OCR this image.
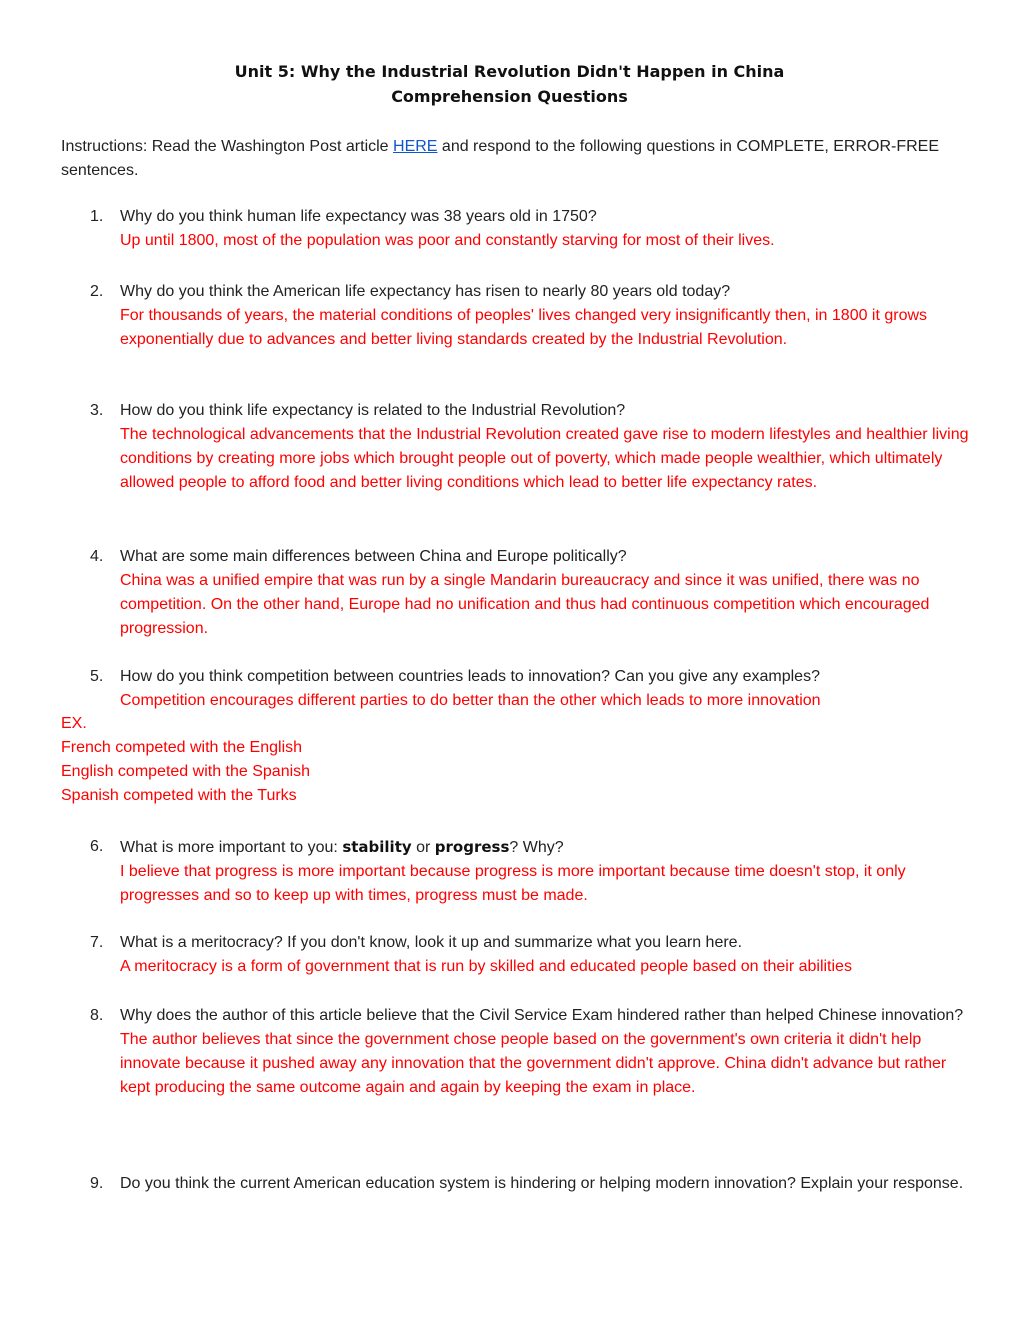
Unit 5: Why the Industrial Revolution Didn't Happen in China
Comprehension Questions
Instructions: Read the Washington Post article HERE and respond to the following questions in COMPLETE, ERROR-FREE sentences.
1.	Why do you think human life expectancy was 38 years old in 1750?
Up until 1800, most of the population was poor and constantly starving for most of their lives.
2.	Why do you think the American life expectancy has risen to nearly 80 years old today?
For thousands of years, the material conditions of peoples' lives changed very insignificantly then, in 1800 it grows exponentially due to advances and better living standards created by the Industrial Revolution.
3.	How do you think life expectancy is related to the Industrial Revolution?
The technological advancements that the Industrial Revolution created gave rise to modern lifestyles and healthier living conditions by creating more jobs which brought people out of poverty, which made people wealthier, which ultimately allowed people to afford food and better living conditions which lead to better life expectancy rates.
4.	What are some main differences between China and Europe politically?
China was a unified empire that was run by a single Mandarin bureaucracy and since it was unified, there was no competition. On the other hand, Europe had no unification and thus had continuous competition which encouraged progression.
5.	How do you think competition between countries leads to innovation? Can you give any examples?
Competition encourages different parties to do better than the other which leads to more innovation
EX.
French competed with the English
English competed with the Spanish
Spanish competed with the Turks
6.	What is more important to you: stability or progress? Why?
I believe that progress is more important because progress is more important because time doesn't stop, it only progresses and so to keep up with times, progress must be made.
7.	What is a meritocracy? If you don't know, look it up and summarize what you learn here.
A meritocracy is a form of government that is run by skilled and educated people based on their abilities
8.	Why does the author of this article believe that the Civil Service Exam hindered rather than helped Chinese innovation?
The author believes that since the government chose people based on the government's own criteria it didn't help innovate because it pushed away any innovation that the government didn't approve. China didn't advance but rather kept producing the same outcome again and again by keeping the exam in place.
9.	Do you think the current American education system is hindering or helping modern innovation? Explain your response.
